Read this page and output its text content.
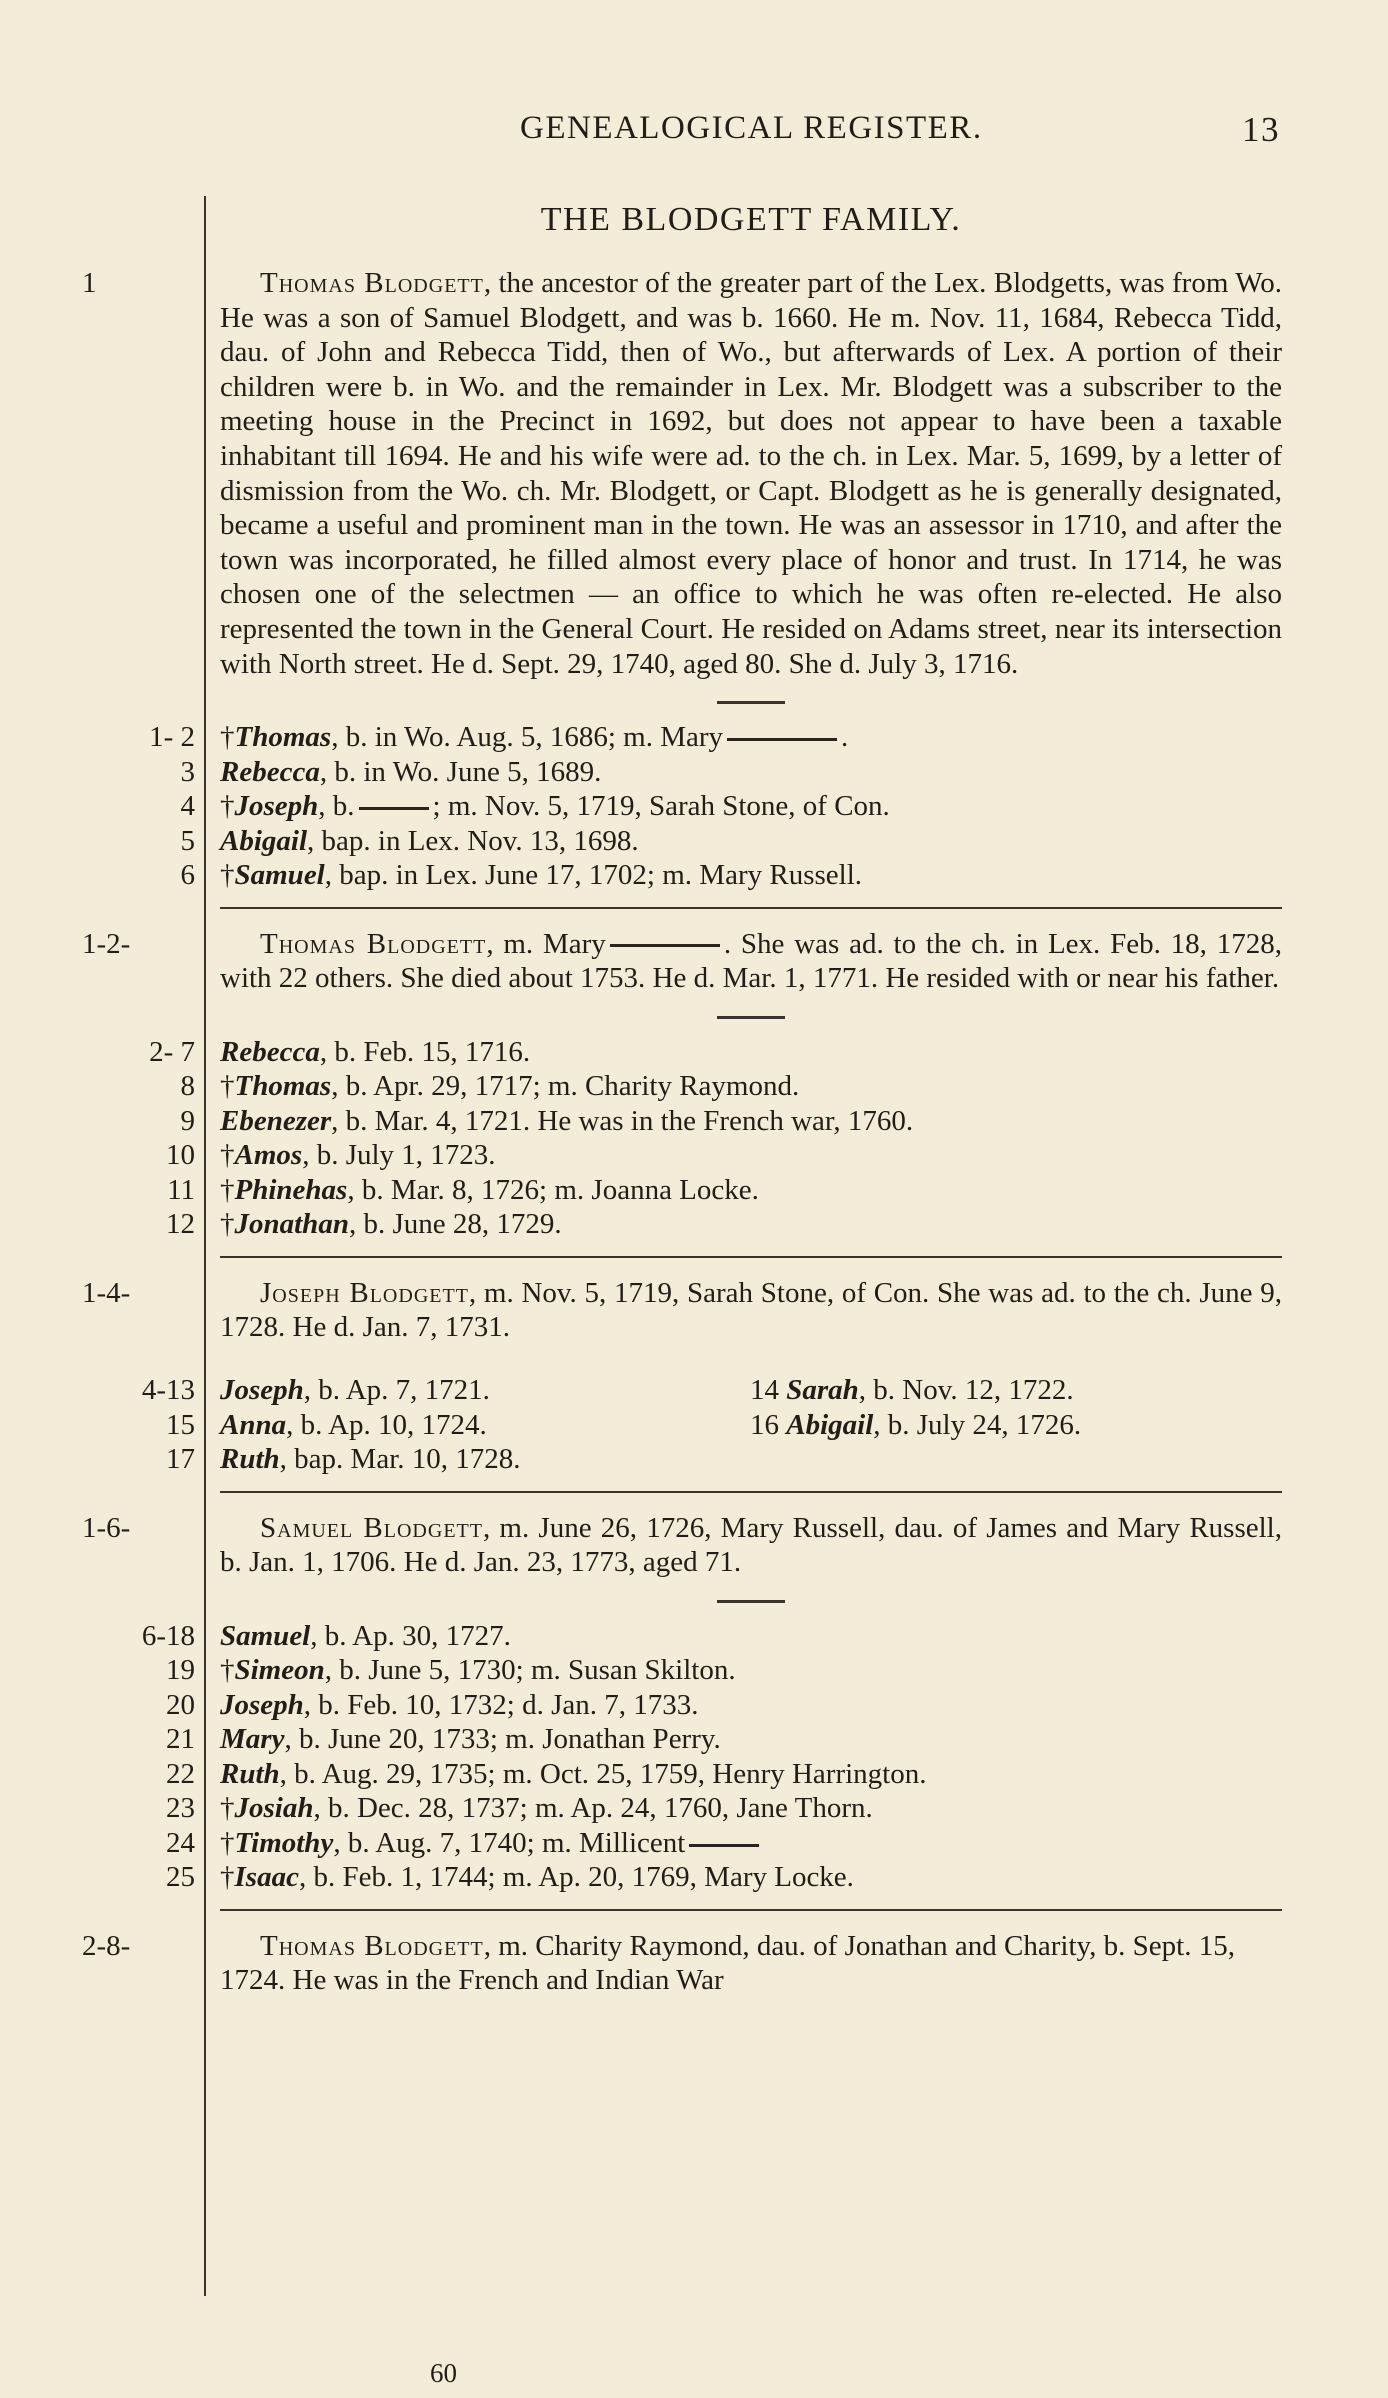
GENEALOGICAL REGISTER.	13
THE BLODGETT FAMILY.
1	Thomas Blodgett, the ancestor of the greater part of the Lex. Blodgetts, was from Wo. He was a son of Samuel Blodgett, and was b. 1660. He m. Nov. 11, 1684, Rebecca Tidd, dau. of John and Rebecca Tidd, then of Wo., but afterwards of Lex. A portion of their children were b. in Wo. and the remainder in Lex. Mr. Blodgett was a subscriber to the meeting house in the Precinct in 1692, but does not appear to have been a taxable inhabitant till 1694. He and his wife were ad. to the ch. in Lex. Mar. 5, 1699, by a letter of dismission from the Wo. ch. Mr. Blodgett, or Capt. Blodgett as he is generally designated, became a useful and prominent man in the town. He was an assessor in 1710, and after the town was incorporated, he filled almost every place of honor and trust. In 1714, he was chosen one of the selectmen — an office to which he was often re-elected. He also represented the town in the General Court. He resided on Adams street, near its intersection with North street. He d. Sept. 29, 1740, aged 80. She d. July 3, 1716.

1- 2 †Thomas, b. in Wo. Aug. 5, 1686; m. Mary	.
3 Rebecca, b. in Wo. June 5, 1689.
4 †Joseph, b.	; m. Nov. 5, 1719, Sarah Stone, of Con.
5 Abigail, bap. in Lex. Nov. 13, 1698.
6 †Samuel, bap. in Lex. June 17, 1702; m. Mary Russell.
1-2-	Thomas Blodgett, m. Mary	. She was ad. to the ch. in Lex. Feb. 18, 1728, with 22 others. She died about 1753. He d. Mar. 1, 1771. He resided with or near his father.

2- 7 Rebecca, b. Feb. 15, 1716.
8 †Thomas, b. Apr. 29, 1717; m. Charity Raymond.
9 Ebenezer, b. Mar. 4, 1721. He was in the French war, 1760.
10 †Amos, b. July 1, 1723.
11 †Phinehas, b. Mar. 8, 1726; m. Joanna Locke.
12 †Jonathan, b. June 28, 1729.
1-4-	Joseph Blodgett, m. Nov. 5, 1719, Sarah Stone, of Con. She was ad. to the ch. June 9, 1728. He d. Jan. 7, 1731.

4-13 Joseph, b. Ap. 7, 1721.	14 Sarah, b. Nov. 12, 1722.
15 Anna, b. Ap. 10, 1724.	16 Abigail, b. July 24, 1726.
17 Ruth, bap. Mar. 10, 1728.
1-6-	Samuel Blodgett, m. June 26, 1726, Mary Russell, dau. of James and Mary Russell, b. Jan. 1, 1706. He d. Jan. 23, 1773, aged 71.

6-18 Samuel, b. Ap. 30, 1727.
19 †Simeon, b. June 5, 1730; m. Susan Skilton.
20 Joseph, b. Feb. 10, 1732; d. Jan. 7, 1733.
21 Mary, b. June 20, 1733; m. Jonathan Perry.
22 Ruth, b. Aug. 29, 1735; m. Oct. 25, 1759, Henry Harrington.
23 †Josiah, b. Dec. 28, 1737; m. Ap. 24, 1760, Jane Thorn.
24 †Timothy, b. Aug. 7, 1740; m. Millicent
25 †Isaac, b. Feb. 1, 1744; m. Ap. 20, 1769, Mary Locke.
2-8-	Thomas Blodgett, m. Charity Raymond, dau. of Jonathan and Charity, b. Sept. 15, 1724. He was in the French and Indian War

60
